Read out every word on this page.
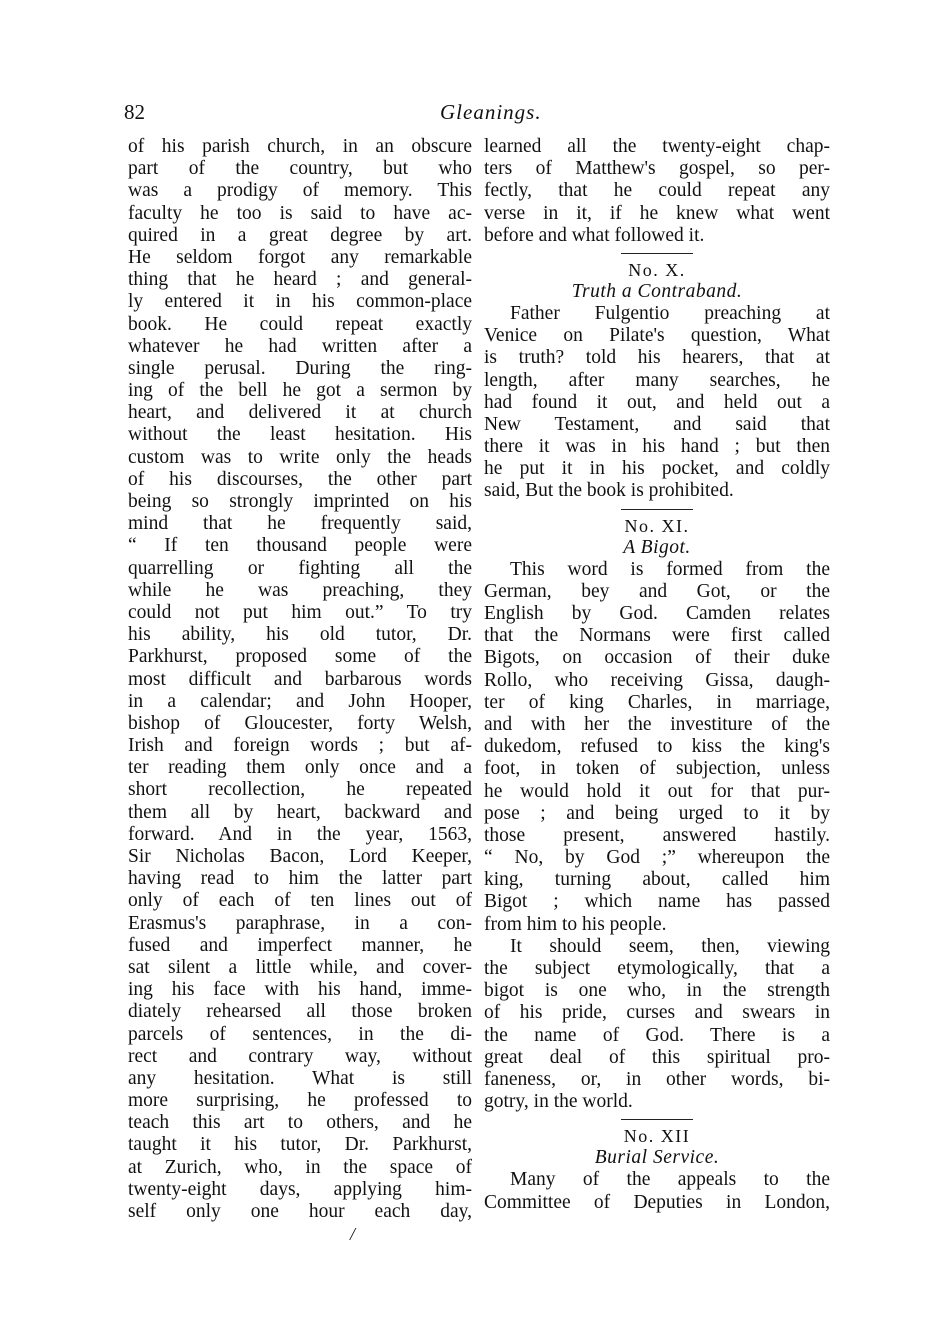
82	Gleanings.
of his parish church, in an obscure
part of the country, but who
was a prodigy of memory. This
faculty he too is said to have ac-
quired in a great degree by art.
He seldom forgot any remarkable
thing that he heard ; and general-
ly entered it in his common-place
book. He could repeat exactly
whatever he had written after a
single perusal. During the ring-
ing of the bell he got a sermon by
heart, and delivered it at church
without the least hesitation. His
custom was to write only the heads
of his discourses, the other part
being so strongly imprinted on his
mind that he frequently said,
“ If ten thousand people were
quarrelling or fighting all the
while he was preaching, they
could not put him out.” To try
his ability, his old tutor, Dr.
Parkhurst, proposed some of the
most difficult and barbarous words
in a calendar; and John Hooper,
bishop of Gloucester, forty Welsh,
Irish and foreign words ; but af-
ter reading them only once and a
short recollection, he repeated
them all by heart, backward and
forward. And in the year, 1563,
Sir Nicholas Bacon, Lord Keeper,
having read to him the latter part
only of each of ten lines out of
Erasmus's paraphrase, in a con-
fused and imperfect manner, he
sat silent a little while, and cover-
ing his face with his hand, imme-
diately rehearsed all those broken
parcels of sentences, in the di-
rect and contrary way, without
any hesitation. What is still
more surprising, he professed to
teach this art to others, and he
taught it his tutor, Dr. Parkhurst,
at Zurich, who, in the space of
twenty-eight days, applying him-
self only one hour each day,
learned all the twenty-eight chap-
ters of Matthew's gospel, so per-
fectly, that he could repeat any
verse in it, if he knew what went
before and what followed it.
No. X.
Truth a Contraband.
Father Fulgentio preaching at
Venice on Pilate's question, What
is truth? told his hearers, that at
length, after many searches, he
had found it out, and held out a
New Testament, and said that
there it was in his hand ; but then
he put it in his pocket, and coldly
said, But the book is prohibited.
No. XI.
A Bigot.
This word is formed from the
German, bey and Got, or the
English by God. Camden relates
that the Normans were first called
Bigots, on occasion of their duke
Rollo, who receiving Gissa, daugh-
ter of king Charles, in marriage,
and with her the investiture of the
dukedom, refused to kiss the king's
foot, in token of subjection, unless
he would hold it out for that pur-
pose ; and being urged to it by
those present, answered hastily.
“ No, by God ;” whereupon the
king, turning about, called him
Bigot ; which name has passed
from him to his people.
It should seem, then, viewing
the subject etymologically, that a
bigot is one who, in the strength
of his pride, curses and swears in
the name of God. There is a
great deal of this spiritual pro-
faneness, or, in other words, bi-
gotry, in the world.
No. XII
Burial Service.
Many of the appeals to the
Committee of Deputies in London,
/
